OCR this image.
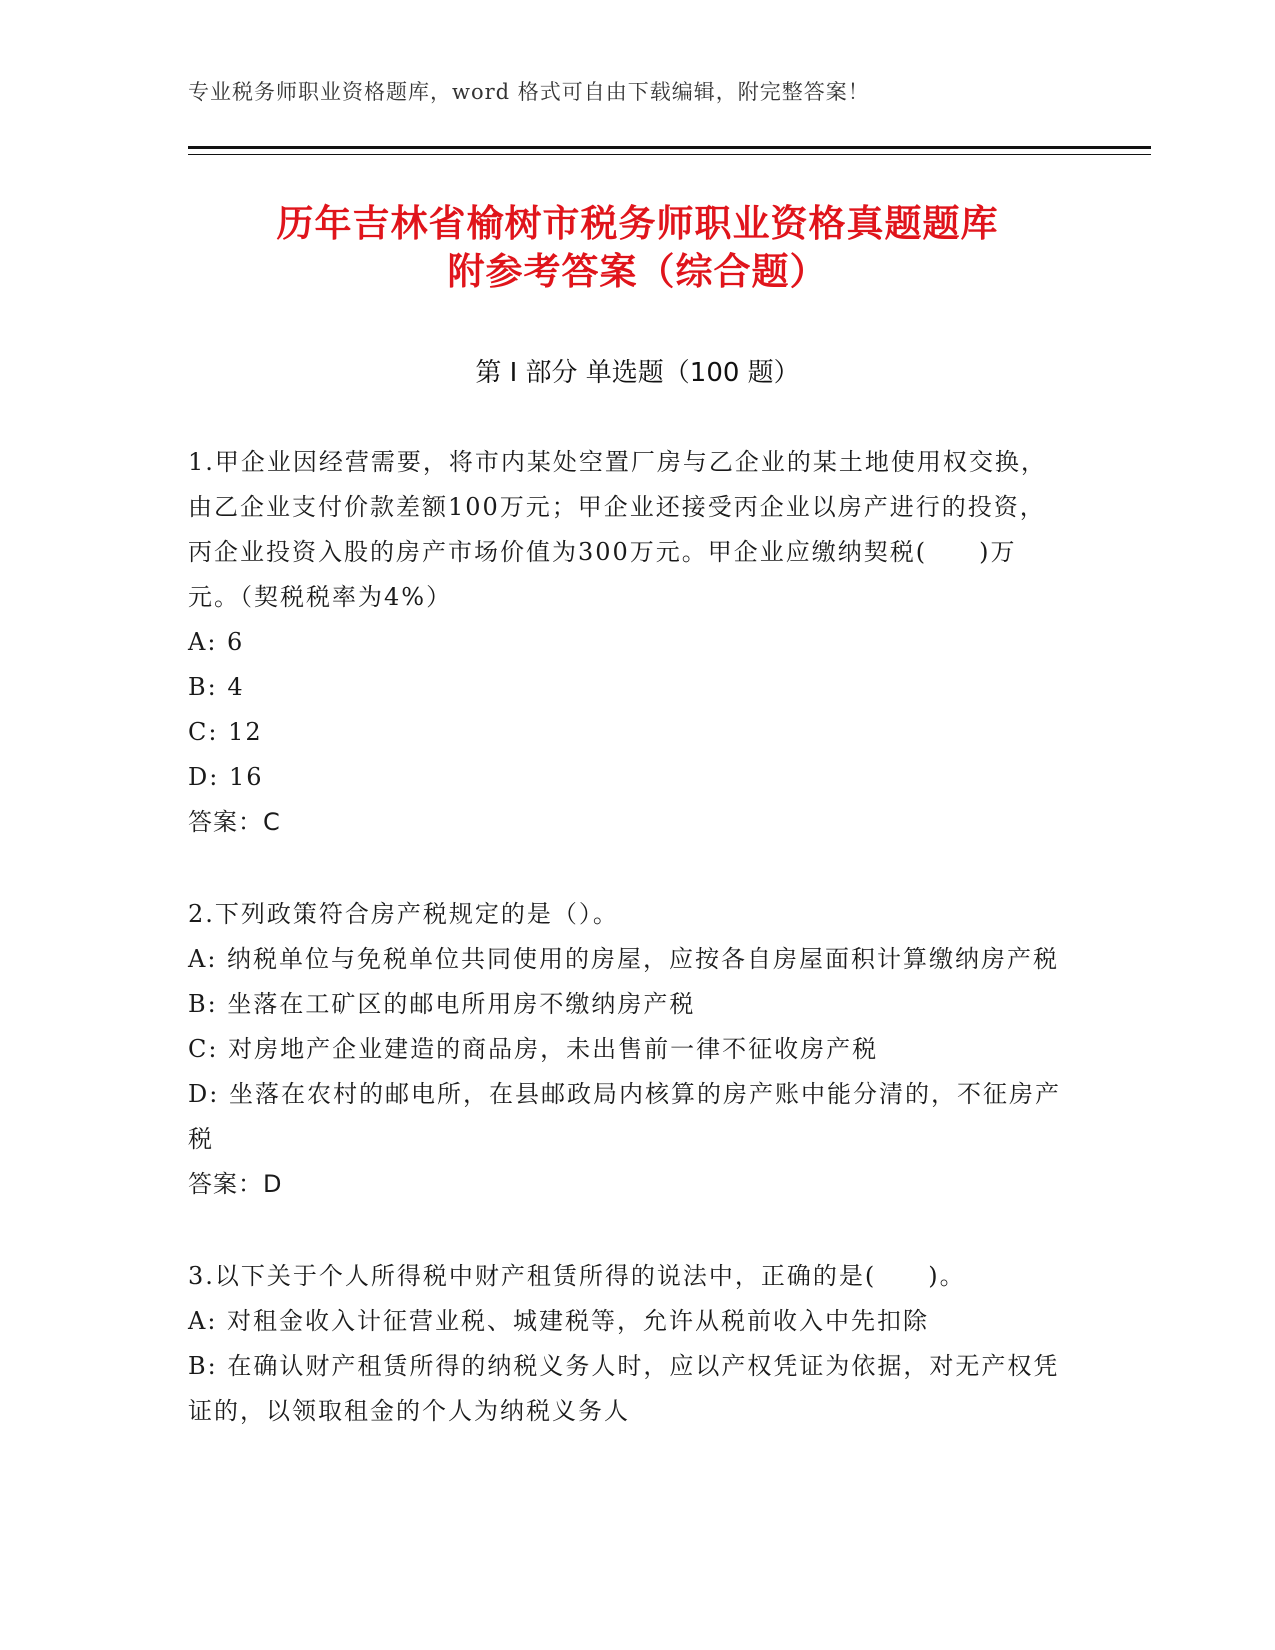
专业税务师职业资格题库，word 格式可自由下载编辑，附完整答案！
历年吉林省榆树市税务师职业资格真题题库
附参考答案（综合题）
第 I 部分 单选题（100 题）

1.甲企业因经营需要，将市内某处空置厂房与乙企业的某土地使用权交换，由乙企业支付价款差额100万元；甲企业还接受丙企业以房产进行的投资，丙企业投资入股的房产市场价值为300万元。甲企业应缴纳契税(　　)万元。（契税税率为4%）

A: 6

B: 4

C: 12

D: 16

答案：C

2.下列政策符合房产税规定的是（）。

A: 纳税单位与免税单位共同使用的房屋，应按各自房屋面积计算缴纳房产税

B: 坐落在工矿区的邮电所用房不缴纳房产税

C: 对房地产企业建造的商品房，未出售前一律不征收房产税

D: 坐落在农村的邮电所，在县邮政局内核算的房产账中能分清的，不征房产税

答案：D

3.以下关于个人所得税中财产租赁所得的说法中，正确的是(　　)。

A: 对租金收入计征营业税、城建税等，允许从税前收入中先扣除

B: 在确认财产租赁所得的纳税义务人时，应以产权凭证为依据，对无产权凭证的，以领取租金的个人为纳税义务人
